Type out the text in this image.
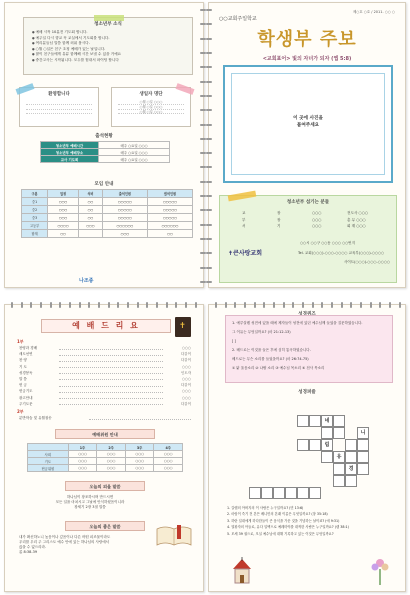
청소년부 소식
● 예배 시작 10분전 기도회 합니다.
● 예주일 다시 향교 꼭 교실에서 기도회를 합니다.
● 여리분들님 말씀 함께 외워 봅시다.
● ○월 ○일은 친구 초청 예배가 있는 날입니다.
● 많이 친구들에게 유튜 함께해 시간 보낼 수 있을 거예요
● 중간고사는 시작됩니다. 모두를 힘내서 파이팅 합니다
환영합니다	생일자 명단
○월 ○일 ○○○
○월 ○일 ○○○
○월 ○일 ○○○
출석현황
청소년부 예배시간	매주 ○요일 ○○○
청소년부 예배장소	매주 ○요일 ○○○
교사 기도회	매주 ○요일 ○○○
모임 안내
구분	일정	식비	출석인원	결석인원
중1	○○○	○○	○○○○○	○○○○○
중2	○○○	○○	○○○○○	○○○○○
중3	○○○	○○	○○○○○	○○○○○
고등부	○○○○	○○○	○○○○○○	○○○○○○
합계	○○		○○○	○○
나조종
제○호 ○호 / 2011. ○○ ○
○○교회주일학교
학생부 주보
<교회표어> 빛의 자녀가 되자 (엡 5:8)
이 곳에 사진을
붙여주세요
청소년부 섬기는 분들
교	장	○○○	전도사 ○○○
부	장	○○○	총 무 ○○○
서	기	○○○	회 계 ○○○
○○시 ○○구 ○○동 ○○○ ○○번지
✝큰사랑교회	Tel. 교회(○○○)-○○○-○○○○ 교육부(○○○)-○○○○
사이트(○○○)-○○○-○○○○
예 배 드 리 요
✝
1부
찬양과 경배	○○○
새도선연	다같이
찬 양	다같이
기 도	○○○
성경봉독	인도자
말 씀	○○○
헌 금	다같이
헌금기도	○○○
광고안내	○○○
주기도문	다같이
2부
분반학습 및 유월절송
예배위원 안내
	1주	2주	3주	4주
사회	○○○	○○○	○○○	○○○
기도	○○○	○○○	○○○	○○○
헌금위원	○○○	○○○	○○○	○○○
오늘의 외울 말씀
하나님이 창조하시며 만드시면
모든 일을 마치시고 그날에 안식하셨음이니라
창세기 2장 3절 말씀
오늘의 좋은 말씀
내가 확신하노니 높음이나 깊음이나 다른 어떤 피조물이라도
우리를 우리 주 그리스도 예수 안에 있는 하나님의 사랑에서
끊을 수 없으리라.
롬 8:38-39
1. 예루살렘 성전에 있을 때에 제자들이 성전에 있던 예수님께 들었을 질문하였습니다.
그 이유는 무엇일까요? (마 21:12-13)
[ ]
2. 베드로는 이것을 들은 후에 심히 통곡하였습니다.
베드로는 무슨 소리를 들었을까요? (마 26:74-75)
① 닭 울음소리 ② 나팔 소리 ③ 예수님 목소리 ④ 천사 목소리
성경퍼즐
네
니
림
유
경
1. 갈렙의 아버지의 이 사람은 누구일까요? (민 13:6)
2. 마랍이 죽기 전 본뜬 베니민의 본래 이름은 무엇일까요? (창 35:18)
3. 하란 일대에게 하다한들이 큰 음식을 가운 것을 기념하는 날이죠? (에 9:31)
4. 열왕자의 아들로, 유다 일백으로 예레미야를 대적한 사람은 누구일까요? (렘 38:1)
5. 모세 39 권으로, 모실 예수님에 대해 기록하고 있는 이것은 무엇일까요?
